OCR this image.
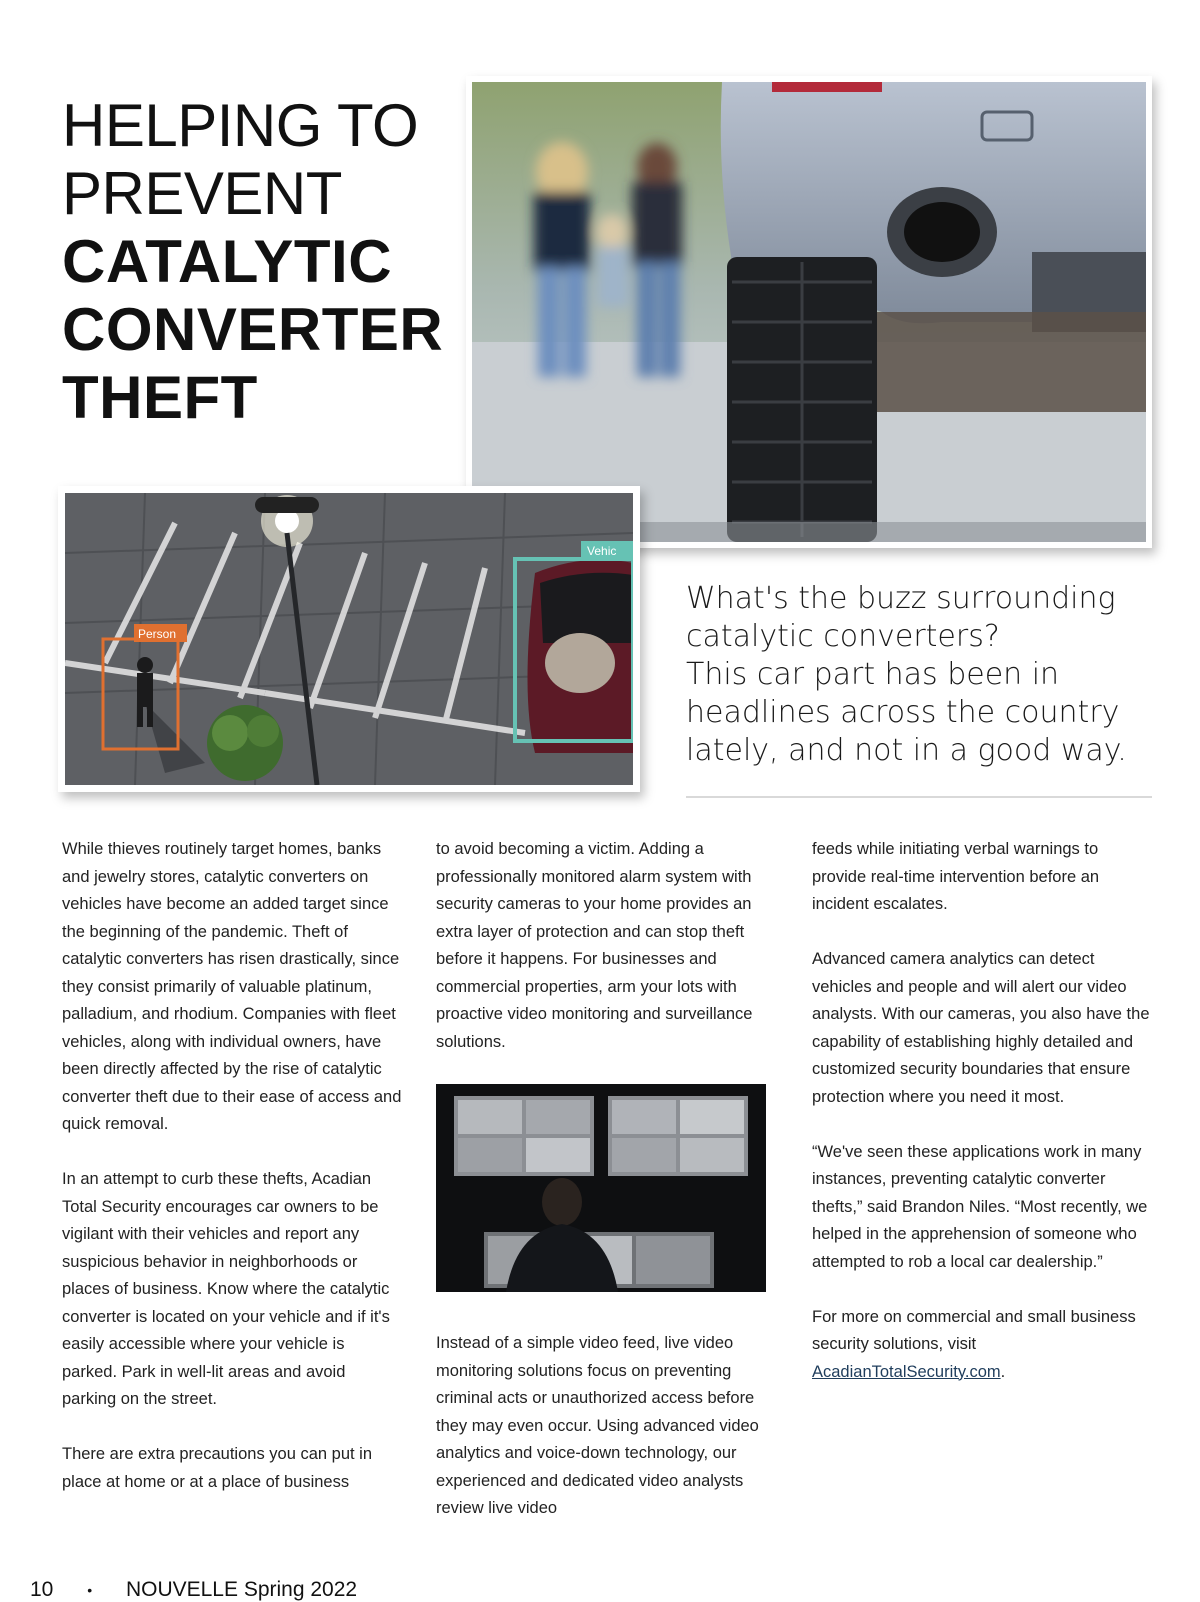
HELPING TO
PREVENT
CATALYTIC
CONVERTER
THEFT
Person
Vehic
What's the buzz surrounding catalytic converters?
This car part has been in headlines across the country lately, and not in a good way.

While thieves routinely target homes, banks and jewelry stores, catalytic converters on vehicles have become an added target since the beginning of the pandemic. Theft of catalytic converters has risen drastically, since they consist primarily of valuable platinum, palladium, and rhodium. Companies with fleet vehicles, along with individual owners, have been directly affected by the rise of catalytic converter theft due to their ease of access and quick removal.

In an attempt to curb these thefts, Acadian Total Security encourages car owners to be vigilant with their vehicles and report any suspicious behavior in neighborhoods or places of business. Know where the catalytic converter is located on your vehicle and if it's easily accessible where your vehicle is parked. Park in well-lit areas and avoid parking on the street.

There are extra precautions you can put in place at home or at a place of business

to avoid becoming a victim. Adding a professionally monitored alarm system with security cameras to your home provides an extra layer of protection and can stop theft before it happens. For businesses and commercial properties, arm your lots with proactive video monitoring and surveillance solutions.

Instead of a simple video feed, live video monitoring solutions focus on preventing criminal acts or unauthorized access before they may even occur. Using advanced video analytics and voice-down technology, our experienced and dedicated video analysts review live video

feeds while initiating verbal warnings to provide real-time intervention before an incident escalates.

Advanced camera analytics can detect vehicles and people and will alert our video analysts. With our cameras, you also have the capability of establishing highly detailed and customized security boundaries that ensure protection where you need it most.

“We've seen these applications work in many instances, preventing catalytic converter thefts,” said Brandon Niles. “Most recently, we helped in the apprehension of someone who attempted to rob a local car dealership.”

For more on commercial and small business security solutions, visit AcadianTotalSecurity.com.

10 • NOUVELLE Spring 2022
